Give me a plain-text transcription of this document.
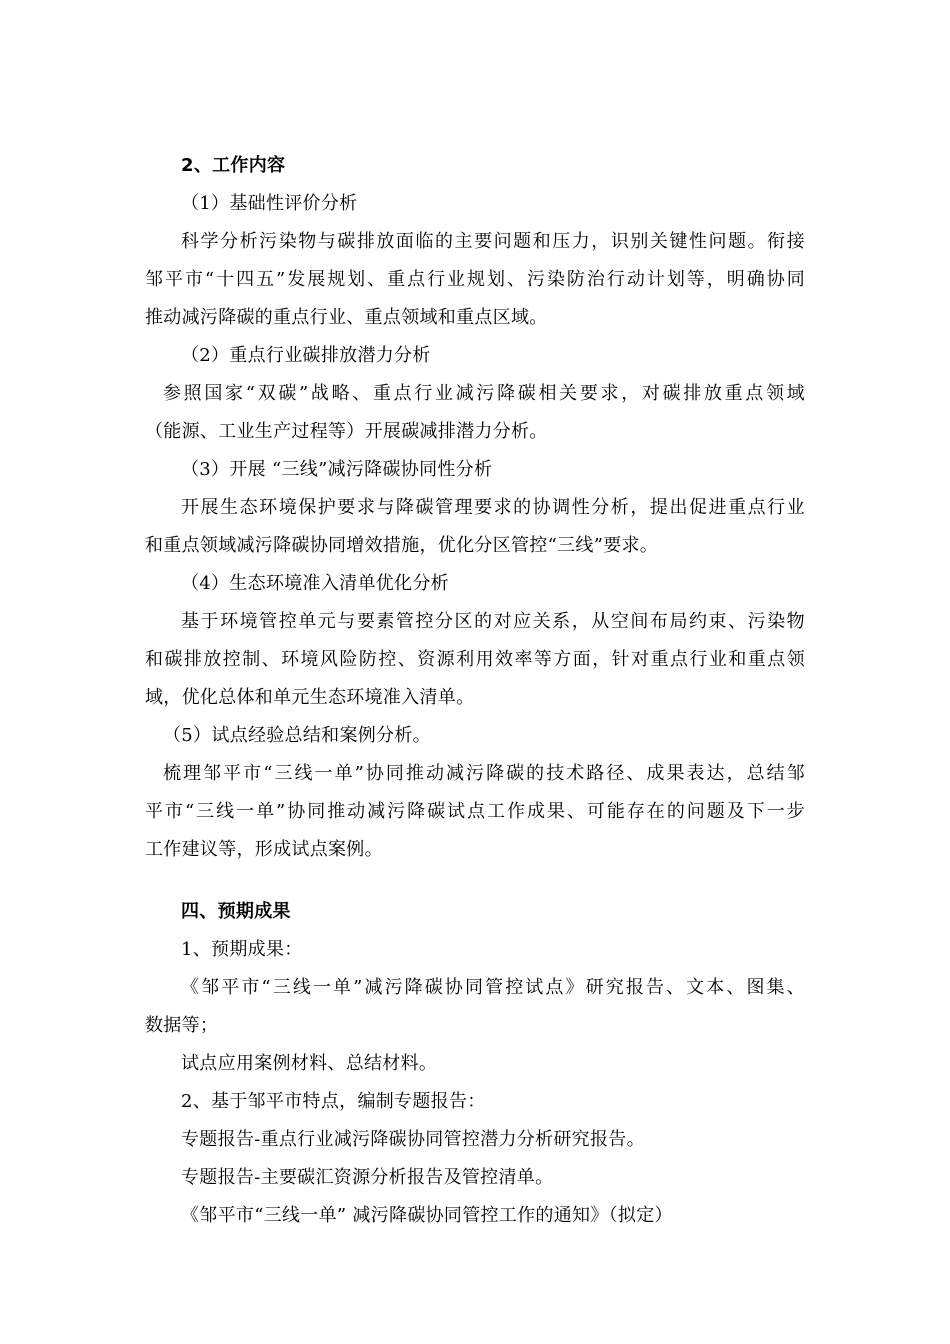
2、工作内容
（1）基础性评价分析
科学分析污染物与碳排放面临的主要问题和压力，识别关键性问题。衔接
邹平市“十四五”发展规划、重点行业规划、污染防治行动计划等，明确协同
推动减污降碳的重点行业、重点领域和重点区域。
（2）重点行业碳排放潜力分析
参照国家“双碳”战略、重点行业减污降碳相关要求，对碳排放重点领域
（能源、工业生产过程等）开展碳减排潜力分析。
（3）开展 “三线”减污降碳协同性分析
开展生态环境保护要求与降碳管理要求的协调性分析，提出促进重点行业
和重点领域减污降碳协同增效措施，优化分区管控“三线”要求。
（4）生态环境准入清单优化分析
基于环境管控单元与要素管控分区的对应关系，从空间布局约束、污染物
和碳排放控制、环境风险防控、资源利用效率等方面，针对重点行业和重点领
域，优化总体和单元生态环境准入清单。
（5）试点经验总结和案例分析。
梳理邹平市“三线一单”协同推动减污降碳的技术路径、成果表达，总结邹
平市“三线一单”协同推动减污降碳试点工作成果、可能存在的问题及下一步
工作建议等，形成试点案例。
四、预期成果
1、预期成果：
《邹平市“三线一单”减污降碳协同管控试点》研究报告、文本、图集、
数据等；
试点应用案例材料、总结材料。
2、基于邹平市特点，编制专题报告：
专题报告-重点行业减污降碳协同管控潜力分析研究报告。
专题报告-主要碳汇资源分析报告及管控清单。
《邹平市“三线一单” 减污降碳协同管控工作的通知》（拟定）
